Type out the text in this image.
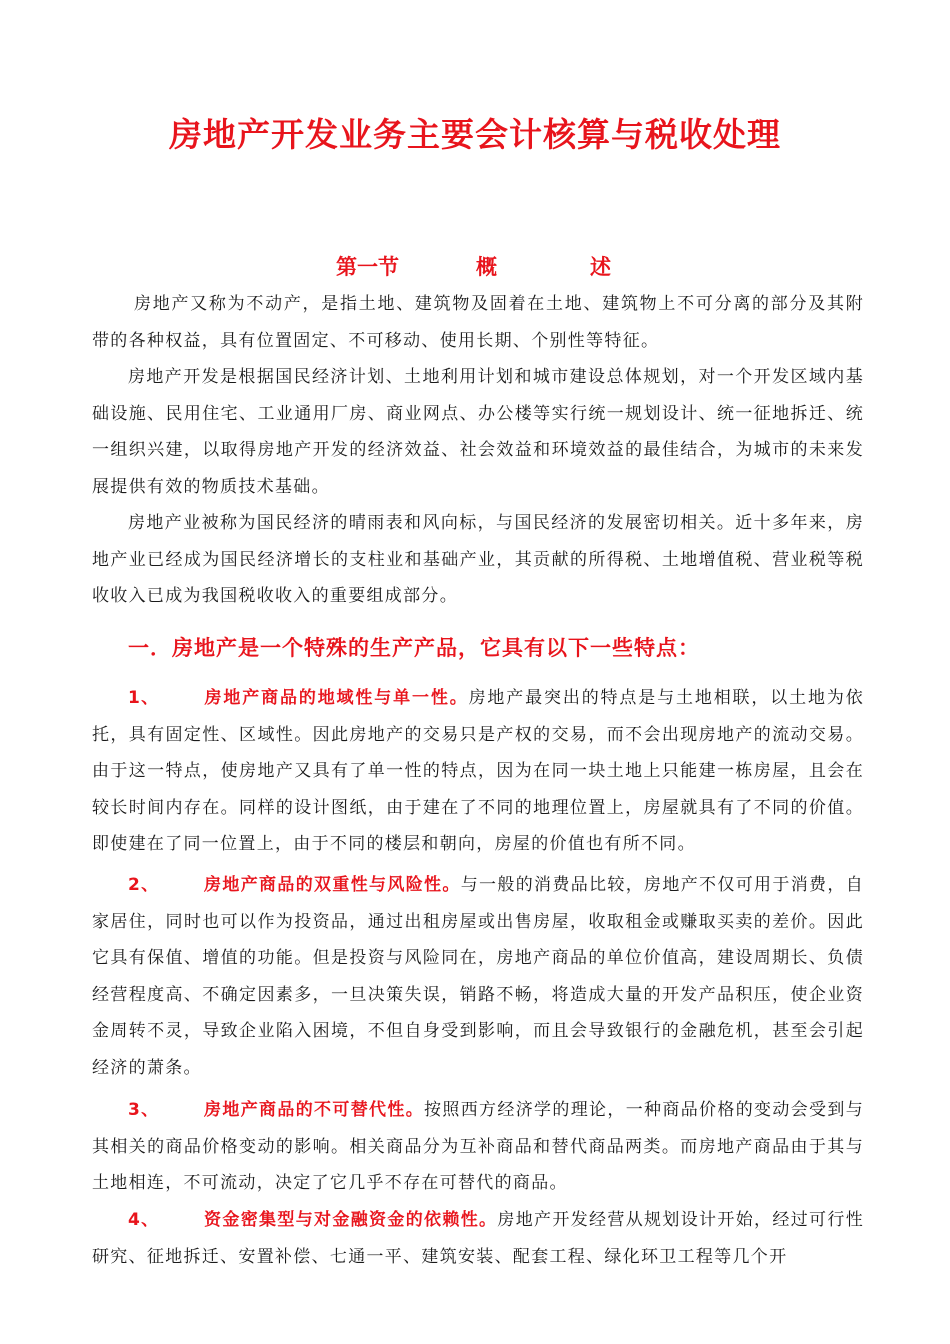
房地产开发业务主要会计核算与税收处理
第一节	概	述

房地产又称为不动产，是指土地、建筑物及固着在土地、建筑物上不可分离的部分及其附带的各种权益，具有位置固定、不可移动、使用长期、个别性等特征。

房地产开发是根据国民经济计划、土地利用计划和城市建设总体规划，对一个开发区域内基础设施、民用住宅、工业通用厂房、商业网点、办公楼等实行统一规划设计、统一征地拆迁、统一组织兴建，以取得房地产开发的经济效益、社会效益和环境效益的最佳结合，为城市的未来发展提供有效的物质技术基础。

房地产业被称为国民经济的晴雨表和风向标，与国民经济的发展密切相关。近十多年来，房地产业已经成为国民经济增长的支柱业和基础产业，其贡献的所得税、土地增值税、营业税等税收收入已成为我国税收收入的重要组成部分。

一．房地产是一个特殊的生产产品，它具有以下一些特点：

1、	房地产商品的地域性与单一性。房地产最突出的特点是与土地相联，以土地为依托，具有固定性、区域性。因此房地产的交易只是产权的交易，而不会出现房地产的流动交易。由于这一特点，使房地产又具有了单一性的特点，因为在同一块土地上只能建一栋房屋，且会在较长时间内存在。同样的设计图纸，由于建在了不同的地理位置上，房屋就具有了不同的价值。即使建在了同一位置上，由于不同的楼层和朝向，房屋的价值也有所不同。

2、	房地产商品的双重性与风险性。与一般的消费品比较，房地产不仅可用于消费，自家居住，同时也可以作为投资品，通过出租房屋或出售房屋，收取租金或赚取买卖的差价。因此它具有保值、增值的功能。但是投资与风险同在，房地产商品的单位价值高，建设周期长、负债经营程度高、不确定因素多，一旦决策失误，销路不畅，将造成大量的开发产品积压，使企业资金周转不灵，导致企业陷入困境，不但自身受到影响，而且会导致银行的金融危机，甚至会引起经济的萧条。

3、	房地产商品的不可替代性。按照西方经济学的理论，一种商品价格的变动会受到与其相关的商品价格变动的影响。相关商品分为互补商品和替代商品两类。而房地产商品由于其与土地相连，不可流动，决定了它几乎不存在可替代的商品。

4、	资金密集型与对金融资金的依赖性。房地产开发经营从规划设计开始，经过可行性研究、征地拆迁、安置补偿、七通一平、建筑安装、配套工程、绿化环卫工程等几个开
